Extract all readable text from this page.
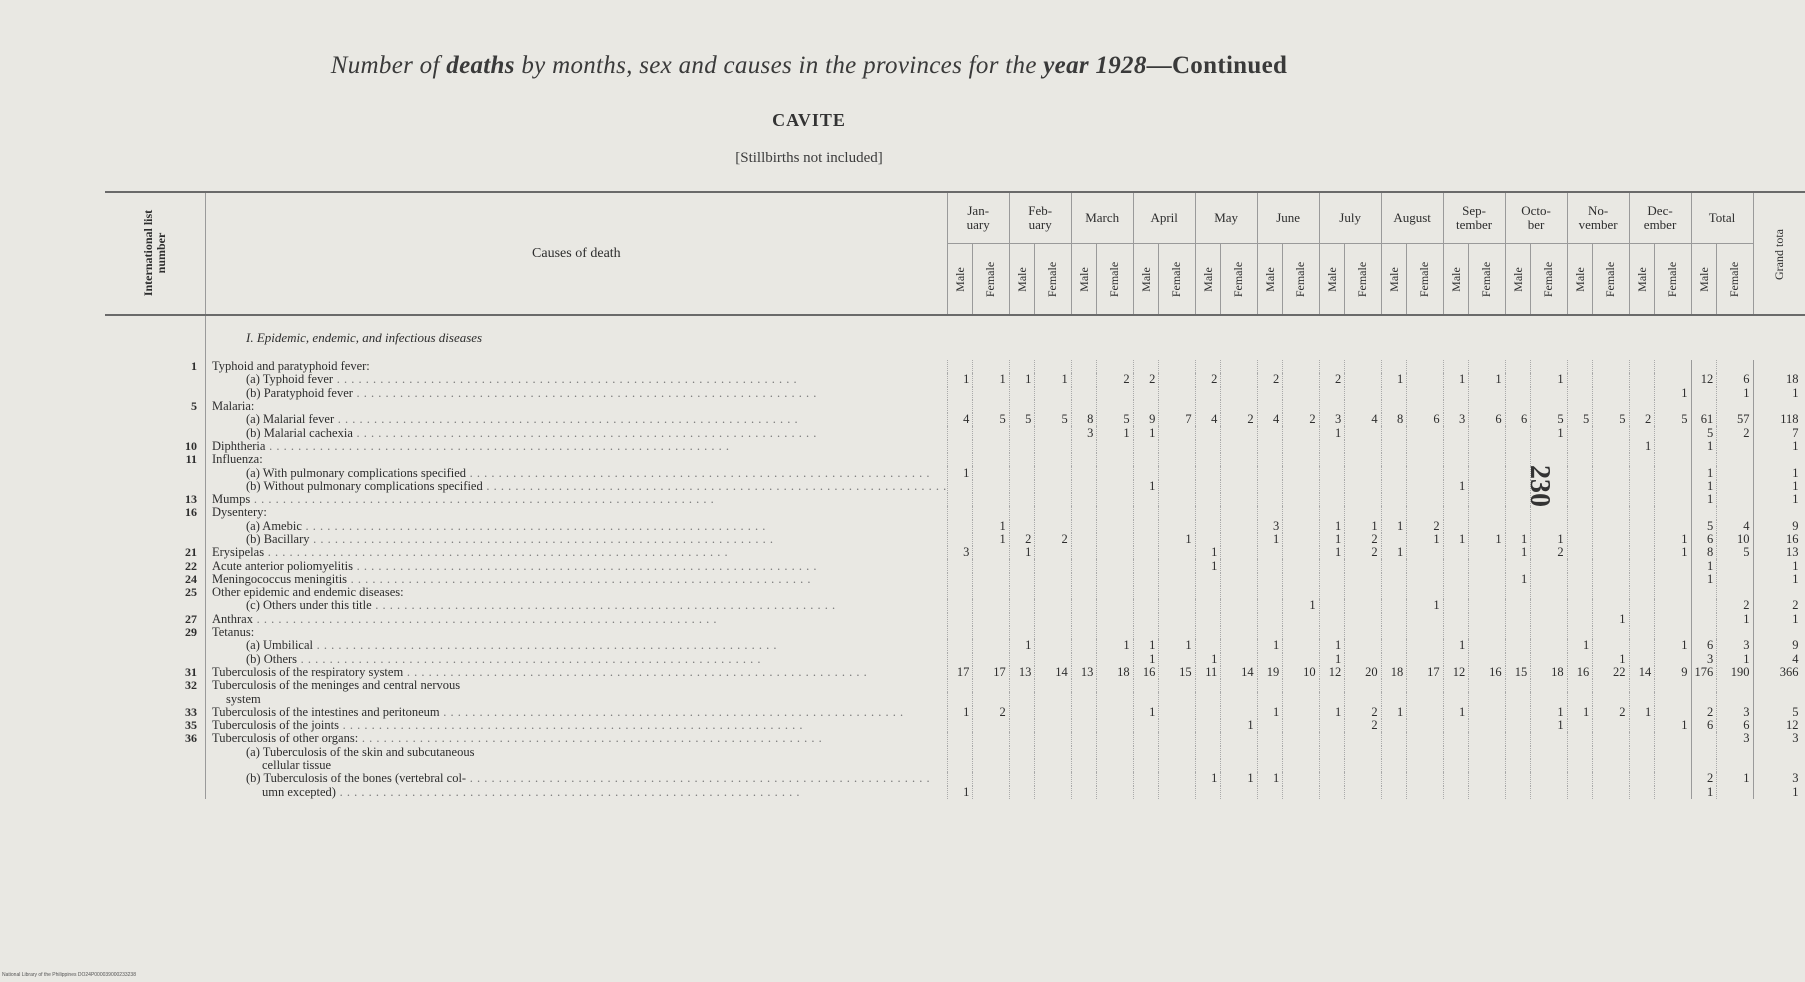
Number of deaths by months, sex and causes in the provinces for the year 1928—Continued
CAVITE
[Stillbirths not included]
International list number	Causes of death	Jan-
uary		Feb-
uary		March		April		May		June		July		August		Sep-
tember		Octo-
ber		No-
vember		Dec-
ember		Total		Grand tota
		Male	Female	Male	Female	Male	Female	Male	Female	Male	Female	Male	Female	Male	Female	Male	Female	Male	Female	Male	Female	Male	Female	Male	Female	Male	Female	
	I. Epidemic, endemic, and infectious diseases																											
1	Typhoid and paratyphoid fever:																											
	(a) Typhoid fever . . .	1	1	1	1		2	2		2		2		2		1		1	1		1					12	6	18
	(b) Paratyphoid fever . . .																								1		1	1
5	Malaria:																											
	(a) Malarial fever . . .	4	5	5	5	8	5	9	7	4	2	4	2	3	4	8	6	3	6	6	5	5	5	2	5	61	57	118
	(b) Malarial cachexia . . .					3	1	1						1							1					5	2	7
10	Diphtheria . . .																							1		1		1
11	Influenza:																											
	(a) With pulmonary complications specified . . .	1																								1		1
	(b) Without pulmonary complications specified . . .							1										1								1		1
13	Mumps . . .																									1		1
16	Dysentery:																											
	(a) Amebic . . .		1									3		1	1	1	2									5	4	9
	(b) Bacillary . . .		1	2	2				1			1		1	2		1	1	1	1	1				1	6	10	16
21	Erysipelas . . .	3		1						1				1	2	1				1	2				1	8	5	13
22	Acute anterior poliomyelitis . . .									1																1		1
24	Meningococcus meningitis . . .																			1						1		1
25	Other epidemic and endemic diseases:																											
	(c) Others under this title . . .												1				1										2	2
27	Anthrax . . .																						1				1	1
29	Tetanus:																											
	(a) Umbilical . . .			1			1	1	1			1		1				1				1			1	6	3	9
	(b) Others . . .							1		1				1									1			3	1	4
31	Tuberculosis of the respiratory system . . .	17	17	13	14	13	18	16	15	11	14	19	10	12	20	18	17	12	16	15	18	16	22	14	9	176	190	366
32	Tuberculosis of the meninges and central nervous																											
	system																											
33	Tuberculosis of the intestines and peritoneum . . .	1	2					1				1		1	2	1		1			1	1	2	1		2	3	5
35	Tuberculosis of the joints . . .										1				2						1				1	6	6	12
36	Tuberculosis of other organs: . . .																										3	3
	(a) Tuberculosis of the skin and subcutaneous																											
	cellular tissue																											
	(b) Tuberculosis of the bones (vertebral col- . . .									1	1	1														2	1	3
	umn excepted) . . .	1																								1		1
230
National Library of the Philippines DO24P000039000233238
